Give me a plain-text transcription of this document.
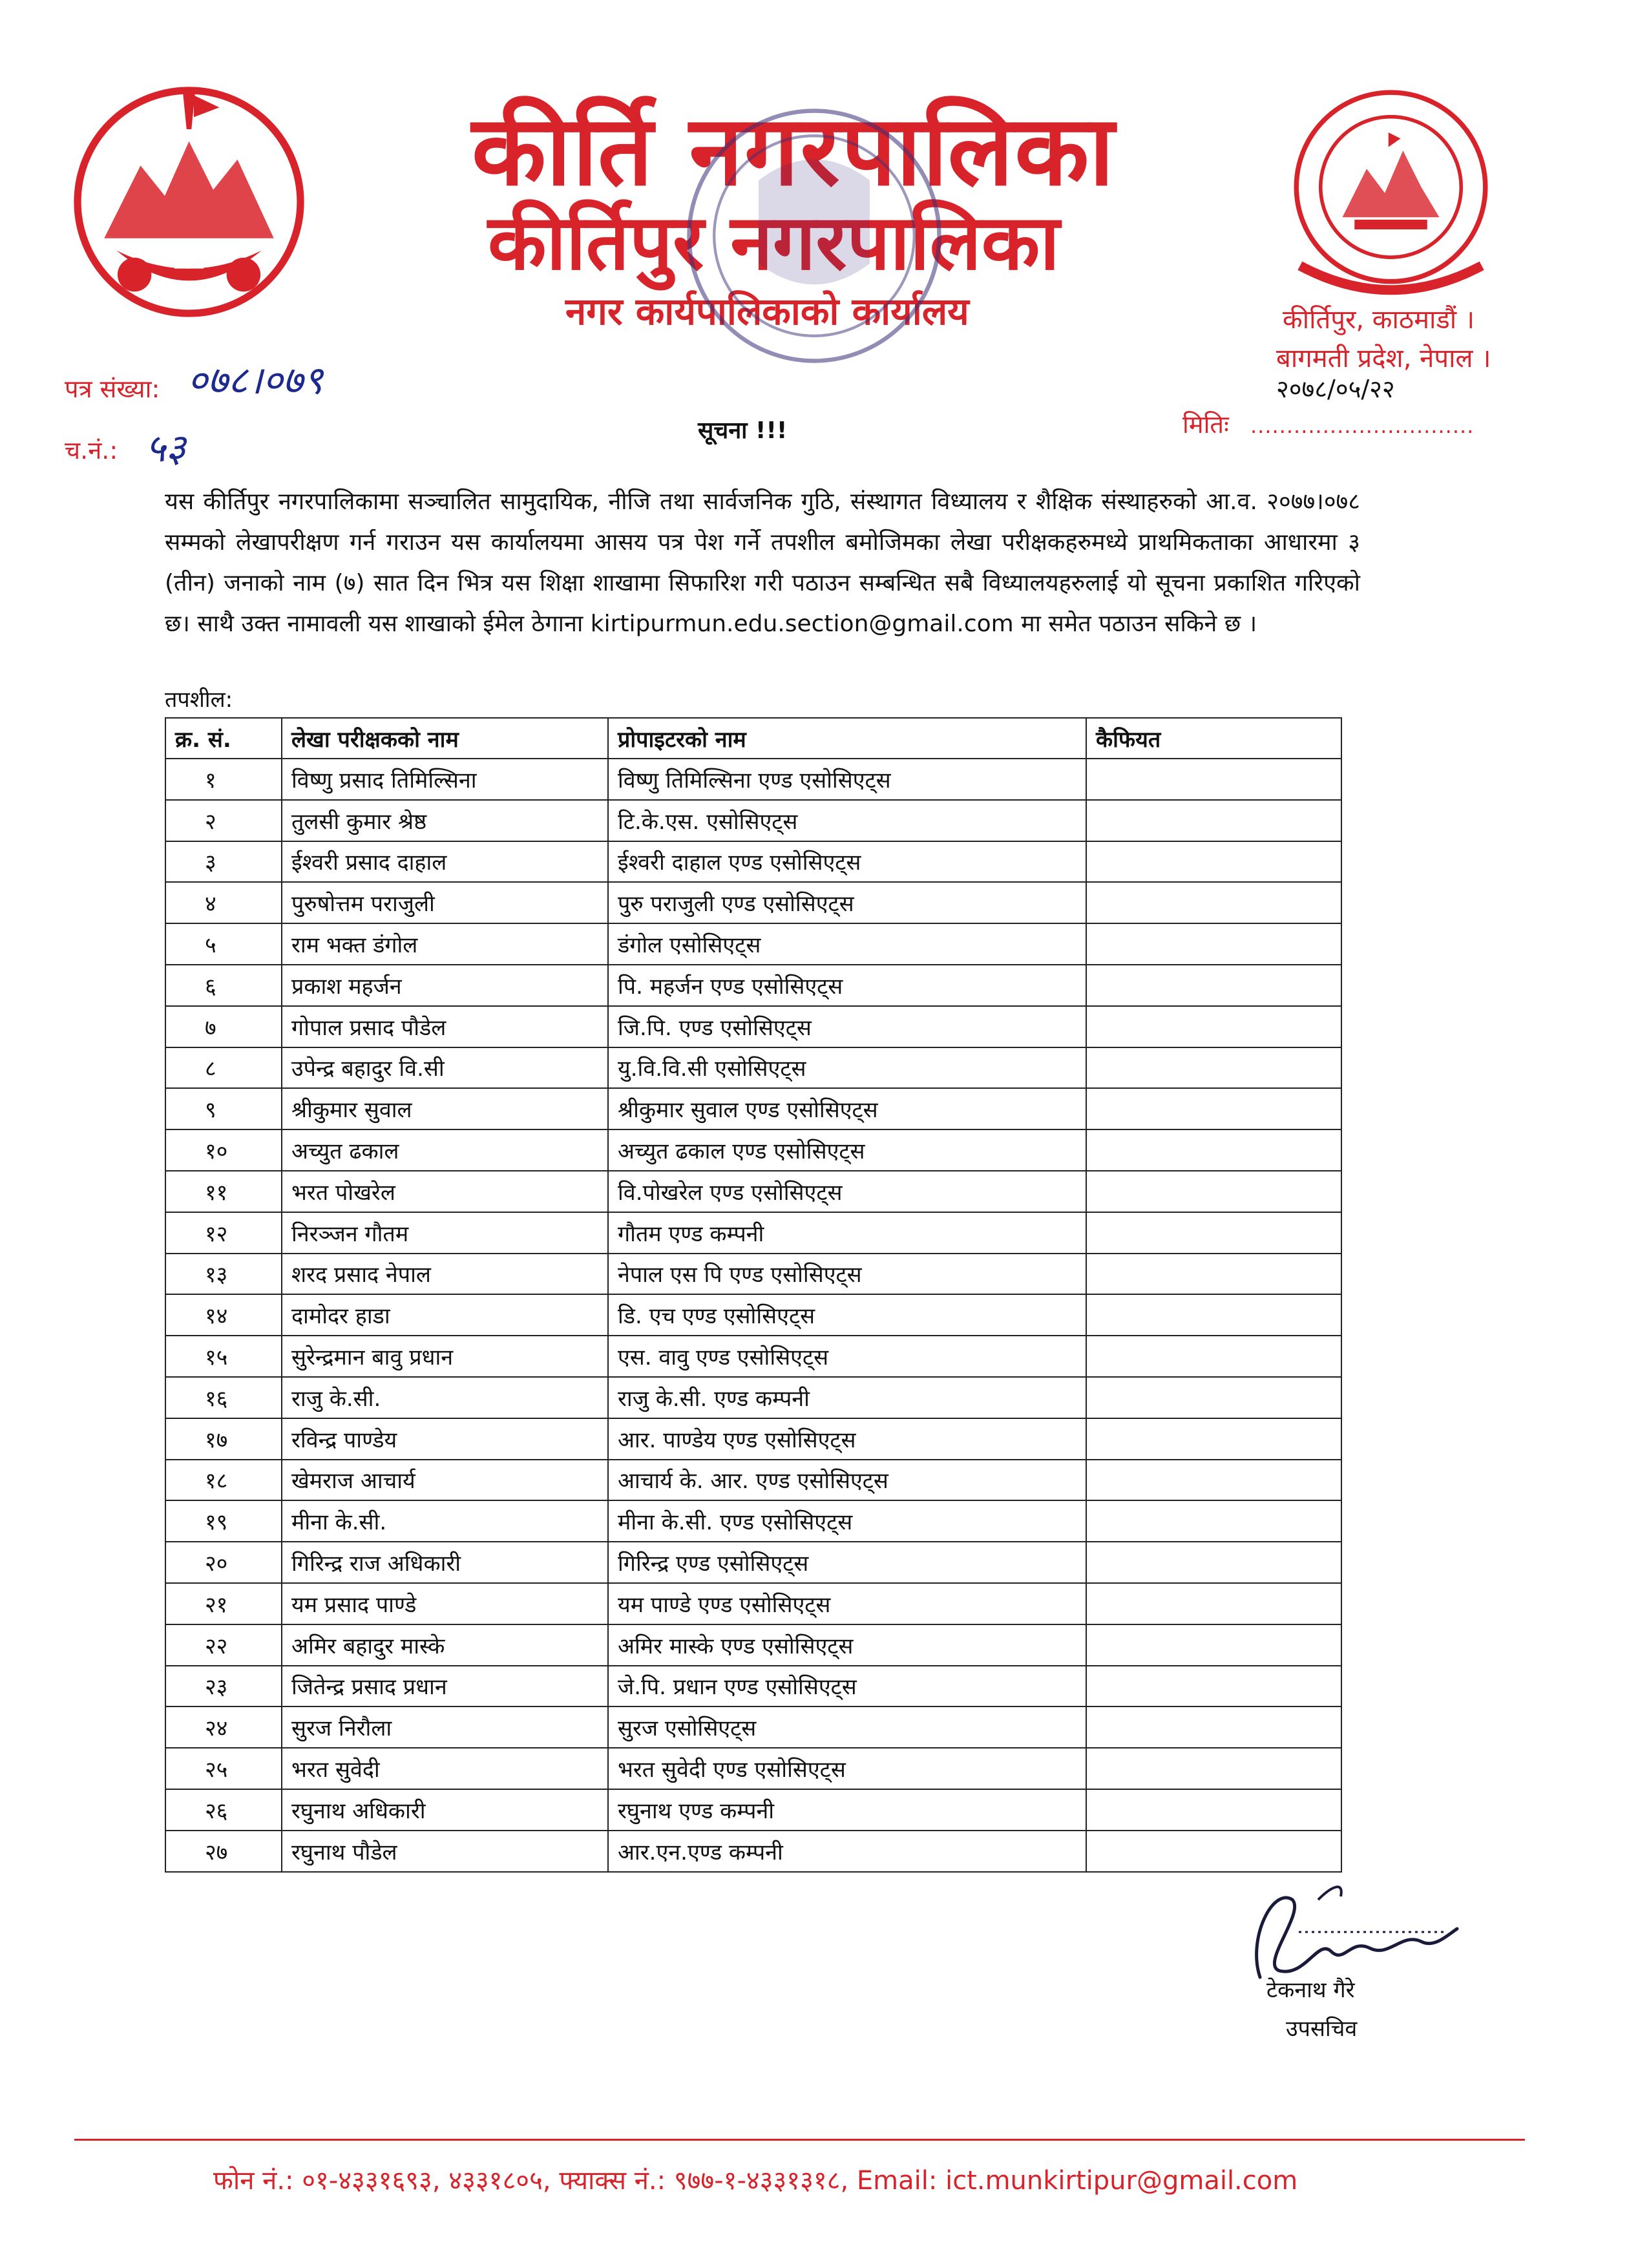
कीर्ति नगरपालिका
कीर्तिपुर नगरपालिका
नगर कार्यपालिकाको कार्यालय	कीर्तिपुर, काठमाडौं ।
बागमती प्रदेश, नेपाल ।
२०७८/०५/२२
पत्र संख्या: ०७८।०७९
च.नं.: ५३	सूचना !!!	मितिः ...............................
यस कीर्तिपुर नगरपालिकामा सञ्चालित सामुदायिक, नीजि तथा सार्वजनिक गुठि, संस्थागत विध्यालय र शैक्षिक संस्थाहरुको आ.व. २०७७।०७८ सम्मको लेखापरीक्षण गर्न गराउन यस कार्यालयमा आसय पत्र पेश गर्ने तपशील बमोजिमका लेखा परीक्षकहरुमध्ये प्राथमिकताका आधारमा ३ (तीन) जनाको नाम (७) सात दिन भित्र यस शिक्षा शाखामा सिफारिश गरी पठाउन सम्बन्धित सबै विध्यालयहरुलाई यो सूचना प्रकाशित गरिएको छ। साथै उक्त नामावली यस शाखाको ईमेल ठेगाना kirtipurmun.edu.section@gmail.com मा समेत पठाउन सकिने छ ।
तपशील:
क्र. सं.	लेखा परीक्षकको नाम	प्रोपाइटरको नाम	कैफियत
१	विष्णु प्रसाद तिमिल्सिना	विष्णु तिमिल्सिना एण्ड एसोसिएट्स	
२	तुलसी कुमार श्रेष्ठ	टि.के.एस. एसोसिएट्स	
३	ईश्वरी प्रसाद दाहाल	ईश्वरी दाहाल एण्ड एसोसिएट्स	
४	पुरुषोत्तम पराजुली	पुरु पराजुली एण्ड एसोसिएट्स	
५	राम भक्त डंगोल	डंगोल एसोसिएट्स	
६	प्रकाश महर्जन	पि. महर्जन एण्ड एसोसिएट्स	
७	गोपाल प्रसाद पौडेल	जि.पि. एण्ड एसोसिएट्स	
८	उपेन्द्र बहादुर वि.सी	यु.वि.वि.सी एसोसिएट्स	
९	श्रीकुमार सुवाल	श्रीकुमार सुवाल एण्ड एसोसिएट्स	
१०	अच्युत ढकाल	अच्युत ढकाल एण्ड एसोसिएट्स	
११	भरत पोखरेल	वि.पोखरेल एण्ड एसोसिएट्स	
१२	निरञ्जन गौतम	गौतम एण्ड कम्पनी	
१३	शरद प्रसाद नेपाल	नेपाल एस पि एण्ड एसोसिएट्स	
१४	दामोदर हाडा	डि. एच एण्ड एसोसिएट्स	
१५	सुरेन्द्रमान बावु प्रधान	एस. वावु एण्ड एसोसिएट्स	
१६	राजु के.सी.	राजु के.सी. एण्ड कम्पनी	
१७	रविन्द्र पाण्डेय	आर. पाण्डेय एण्ड एसोसिएट्स	
१८	खेमराज आचार्य	आचार्य के. आर. एण्ड एसोसिएट्स	
१९	मीना के.सी.	मीना के.सी. एण्ड एसोसिएट्स	
२०	गिरिन्द्र राज अधिकारी	गिरिन्द्र एण्ड एसोसिएट्स	
२१	यम प्रसाद पाण्डे	यम पाण्डे एण्ड एसोसिएट्स	
२२	अमिर बहादुर मास्के	अमिर मास्के एण्ड एसोसिएट्स	
२३	जितेन्द्र प्रसाद प्रधान	जे.पि. प्रधान एण्ड एसोसिएट्स	
२४	सुरज निरौला	सुरज एसोसिएट्स	
२५	भरत सुवेदी	भरत सुवेदी एण्ड एसोसिएट्स	
२६	रघुनाथ अधिकारी	रघुनाथ एण्ड कम्पनी	
२७	रघुनाथ पौडेल	आर.एन.एण्ड कम्पनी	
टेकनाथ गैरे
उपसचिव
फोन नं.: ०१-४३३१६९३, ४३३१८०५, फ्याक्स नं.: ९७७-१-४३३१३१८, Email: ict.munkirtipur@gmail.com
